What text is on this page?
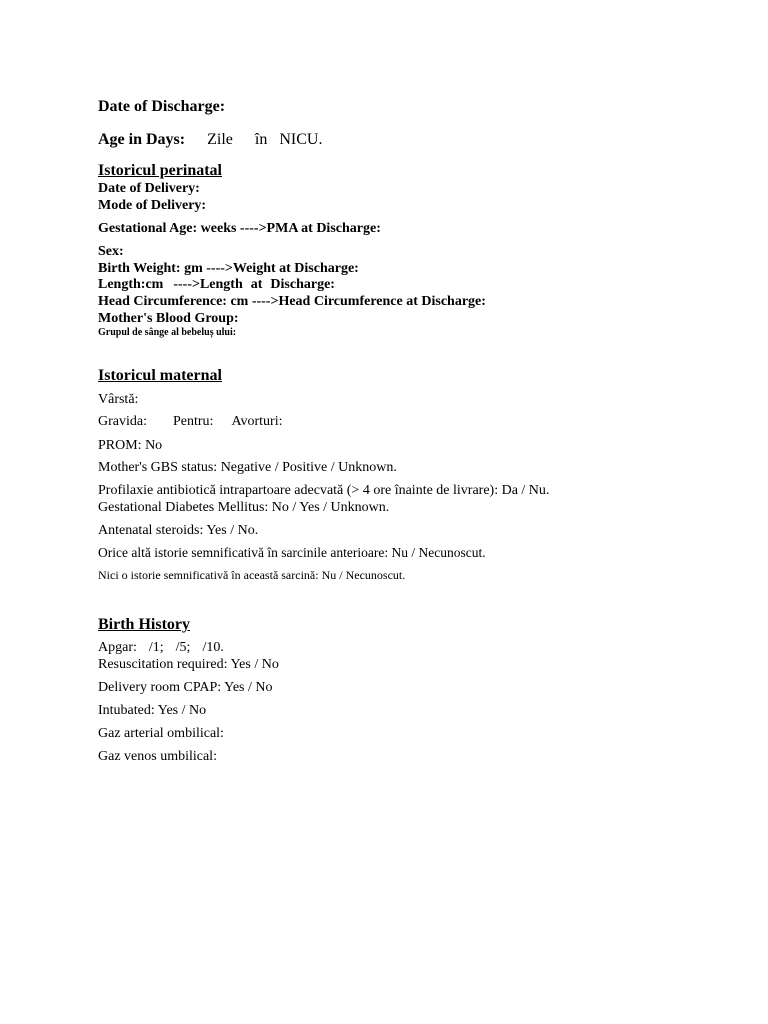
Date of Discharge:
Age in Days: Zile în NICU.
Istoricul perinatal
Date of Delivery:
Mode of Delivery:
Gestational Age: weeks ---->PMA at Discharge:
Sex:
Birth Weight: gm ---->Weight at Discharge:
Length:cm ---->Length at Discharge:
Head Circumference: cm ---->Head Circumference at Discharge:
Mother's Blood Group:
Grupul de sânge al bebeluș ului:
Istoricul maternal
Vârstă:
Gravida: Pentru: Avorturi:
PROM: No
Mother's GBS status: Negative / Positive / Unknown.
Profilaxie antibiotică intrapartoare adecvată (> 4 ore înainte de livrare): Da / Nu.
Gestational Diabetes Mellitus: No / Yes / Unknown.
Antenatal steroids: Yes / No.
Orice altă istorie semnificativă în sarcinile anterioare: Nu / Necunoscut.
Nici o istorie semnificativă în această sarcină: Nu / Necunoscut.
Birth History
Apgar: /1; /5; /10.
Resuscitation required: Yes / No
Delivery room CPAP: Yes / No
Intubated: Yes / No
Gaz arterial ombilical:
Gaz venos umbilical:
